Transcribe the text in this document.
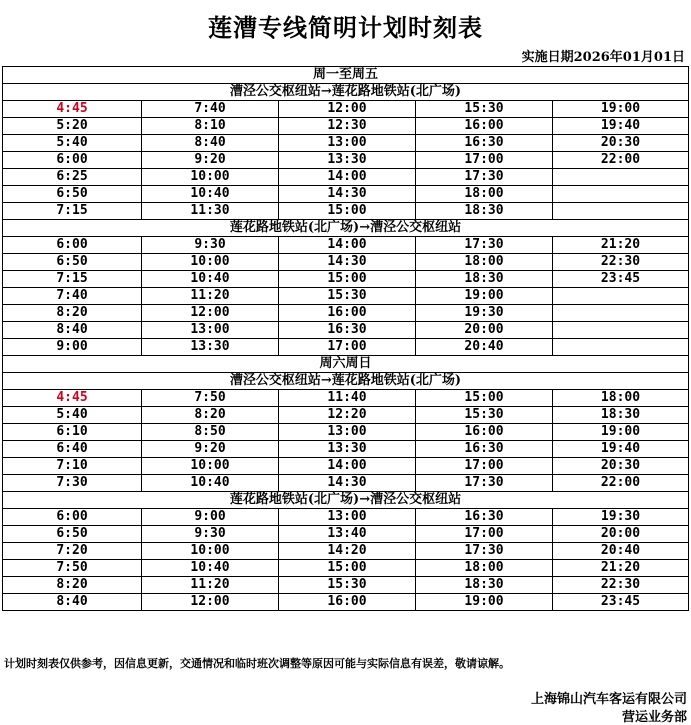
莲漕专线简明计划时刻表
实施日期2026年01月01日
周一至周五				
漕泾公交枢纽站→莲花路地铁站(北广场)				
4:45	7:40	12:00	15:30	19:00
5:20	8:10	12:30	16:00	19:40
5:40	8:40	13:00	16:30	20:30
6:00	9:20	13:30	17:00	22:00
6:25	10:00	14:00	17:30	
6:50	10:40	14:30	18:00	
7:15	11:30	15:00	18:30	
莲花路地铁站(北广场)→漕泾公交枢纽站				
6:00	9:30	14:00	17:30	21:20
6:50	10:00	14:30	18:00	22:30
7:15	10:40	15:00	18:30	23:45
7:40	11:20	15:30	19:00	
8:20	12:00	16:00	19:30	
8:40	13:00	16:30	20:00	
9:00	13:30	17:00	20:40	
周六周日				
漕泾公交枢纽站→莲花路地铁站(北广场)				
4:45	7:50	11:40	15:00	18:00
5:40	8:20	12:20	15:30	18:30
6:10	8:50	13:00	16:00	19:00
6:40	9:20	13:30	16:30	19:40
7:10	10:00	14:00	17:00	20:30
7:30	10:40	14:30	17:30	22:00
莲花路地铁站(北广场)→漕泾公交枢纽站				
6:00	9:00	13:00	16:30	19:30
6:50	9:30	13:40	17:00	20:00
7:20	10:00	14:20	17:30	20:40
7:50	10:40	15:00	18:00	21:20
8:20	11:20	15:30	18:30	22:30
8:40	12:00	16:00	19:00	23:45
计划时刻表仅供参考，因信息更新，交通情况和临时班次调整等原因可能与实际信息有误差，敬请谅解。
上海锦山汽车客运有限公司
营运业务部
